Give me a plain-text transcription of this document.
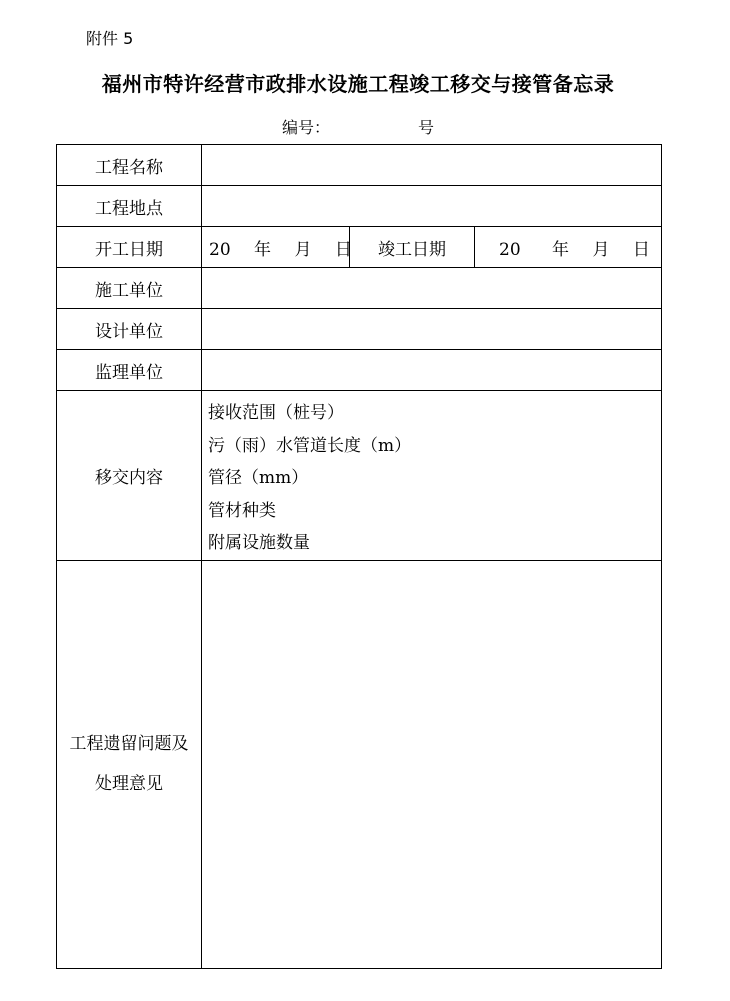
附件 5
福州市特许经营市政排水设施工程竣工移交与接管备忘录
编号：	号
工程名称			
工程地点			
开工日期	20 年 月 日	竣工日期	20 年 月 日
施工单位			
设计单位			
监理单位			
移交内容	接收范围（桩号）
污（雨）水管道长度（m）
管径（mm）
管材种类
附属设施数量		

工程遗留问题及
处理意见			
